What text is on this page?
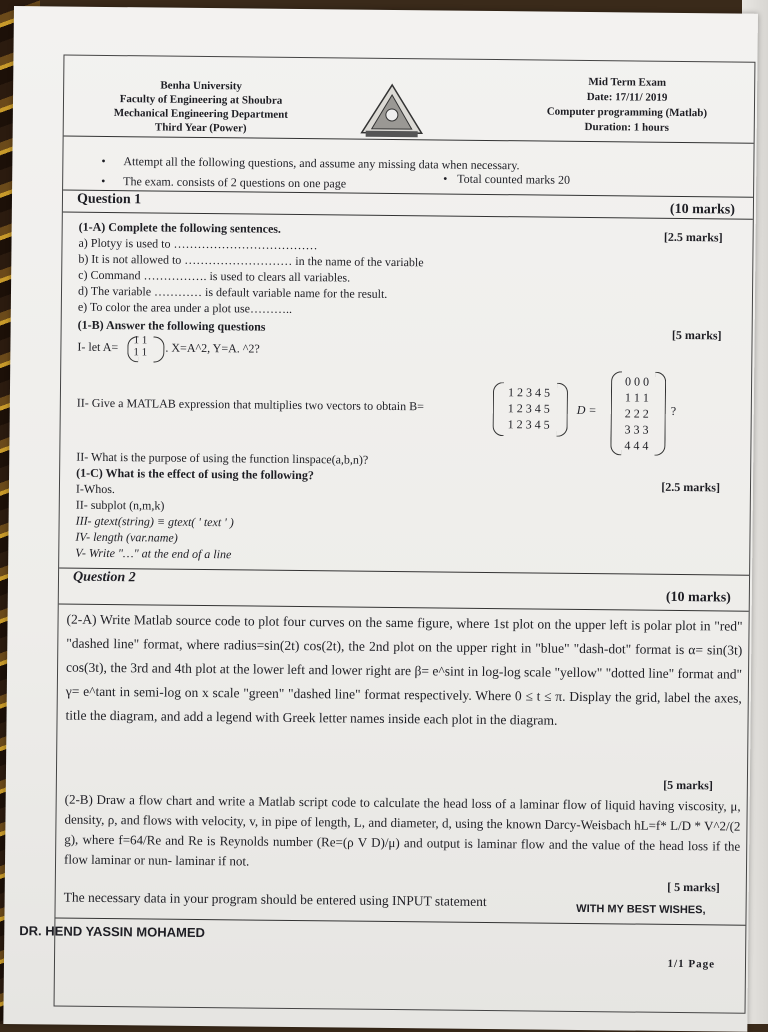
Benha University
Faculty of Engineering at Shoubra
Mechanical Engineering Department
Third Year (Power)
Mid Term Exam
Date: 17/11/ 2019
Computer programming (Matlab)
Duration: 1 hours
• Attempt all the following questions, and assume any missing data when necessary.
• The exam. consists of 2 questions on one page	• Total counted marks 20
Question 1
(10 marks)
(1-A) Complete the following sentences.
[2.5 marks]
a) Plotyy is used to ………………………………
b) It is not allowed to ……………………… in the name of the variable
c) Command ……………. is used to clears all variables.
d) The variable ………… is default variable name for the result.
e) To color the area under a plot use………..
(1-B) Answer the following questions
[5 marks]
I- let A= 1 1
1 1 . X=A^2, Y=A. ^2?
II- Give a MATLAB expression that multiplies two vectors to obtain B=
1 2 3 4 5
1 2 3 4 5
1 2 3 4 5
D =
0 0 0
1 1 1
2 2 2
3 3 3
4 4 4
?
II- What is the purpose of using the function linspace(a,b,n)?
(1-C) What is the effect of using the following?
[2.5 marks]
I-Whos.
II- subplot (n,m,k)
III- gtext(string) ≡ gtext( ' text ' )
IV- length (var.name)
V- Write "…" at the end of a line
Question 2
(10 marks)
(2-A) Write Matlab source code to plot four curves on the same figure, where 1st plot on the upper left is polar plot in "red" "dashed line" format, where radius=sin(2t) cos(2t), the 2nd plot on the upper right in "blue" "dash-dot" format is α= sin(3t) cos(3t), the 3rd and 4th plot at the lower left and lower right are β= e^sint in log-log scale "yellow" "dotted line" format and" γ= e^tant in semi-log on x scale "green" "dashed line" format respectively. Where 0 ≤ t ≤ π. Display the grid, label the axes, title the diagram, and add a legend with Greek letter names inside each plot in the diagram.
[5 marks]
(2-B) Draw a flow chart and write a Matlab script code to calculate the head loss of a laminar flow of liquid having viscosity, μ, density, ρ, and flows with velocity, v, in pipe of length, L, and diameter, d, using the known Darcy-Weisbach hL=f* L/D * V^2/(2 g), where f=64/Re and Re is Reynolds number (Re=(ρ V D)/μ) and output is laminar flow and the value of the head loss if the flow laminar or nun- laminar if not.
[ 5 marks]
The necessary data in your program should be entered using INPUT statement
WITH MY BEST WISHES,
DR. HEND YASSIN MOHAMED
1/1 Page
